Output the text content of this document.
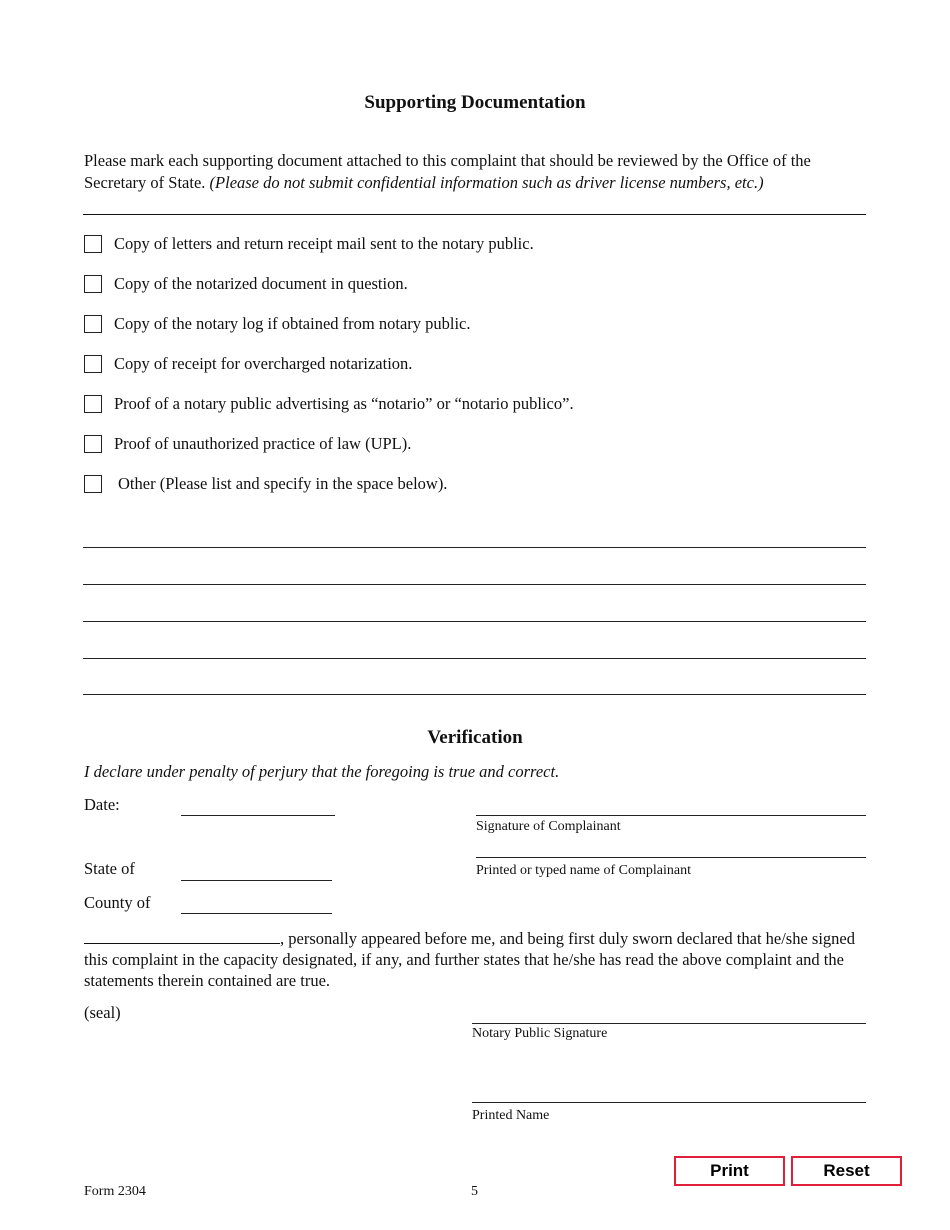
Supporting Documentation
Please mark each supporting document attached to this complaint that should be reviewed by the Office of the Secretary of State. (Please do not submit confidential information such as driver license numbers, etc.)
Copy of letters and return receipt mail sent to the notary public.
Copy of the notarized document in question.
Copy of the notary log if obtained from notary public.
Copy of receipt for overcharged notarization.
Proof of a notary public advertising as “notario” or “notario publico”.
Proof of unauthorized practice of law (UPL).
Other (Please list and specify in the space below).
Verification
I declare under penalty of perjury that the foregoing is true and correct.
Date:
Signature of Complainant
Printed or typed name of Complainant
State of
County of
, personally appeared before me, and being first duly sworn declared that he/she signed this complaint in the capacity designated, if any, and further states that he/she has read the above complaint and the statements therein contained are true.
(seal)
Notary Public Signature
Printed Name
Print	Reset
Form 2304	5
